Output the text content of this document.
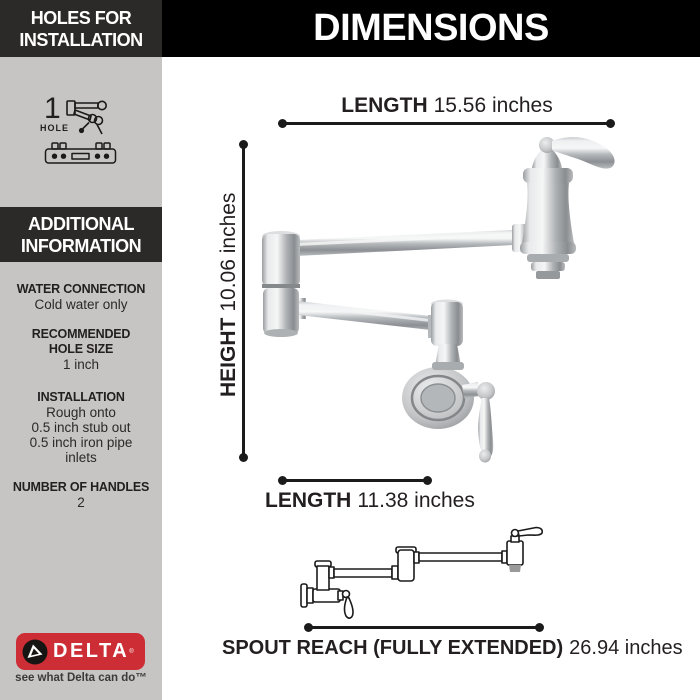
HOLES FOR
INSTALLATION
1
HOLE
ADDITIONAL
INFORMATION
WATER CONNECTION
Cold water only
RECOMMENDED
HOLE SIZE
1 inch
INSTALLATION
Rough onto
0.5 inch stub out
0.5 inch iron pipe
inlets
NUMBER OF HANDLES
2
DELTA ®
see what Delta can do™
DIMENSIONS
LENGTH 15.56 inches
HEIGHT10.06 inches
LENGTH 11.38 inches
SPOUT REACH (FULLY EXTENDED) 26.94 inches
